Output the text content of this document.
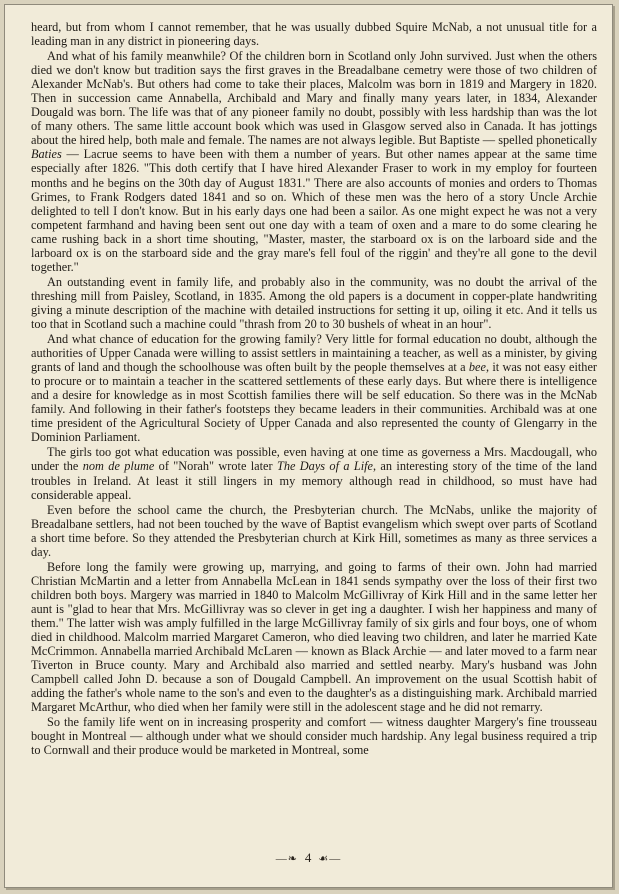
heard, but from whom I cannot remember, that he was usually dubbed Squire McNab, a not unusual title for a leading man in any district in pioneering days.

And what of his family meanwhile? Of the children born in Scotland only John survived. Just when the others died we don't know but tradition says the first graves in the Breadalbane cemetry were those of two children of Alexander McNab's. But others had come to take their places, Malcolm was born in 1819 and Margery in 1820. Then in succession came Annabella, Archibald and Mary and finally many years later, in 1834, Alexander Dougald was born. The life was that of any pioneer family no doubt, possibly with less hardship than was the lot of many others. The same little account book which was used in Glasgow served also in Canada. It has jottings about the hired help, both male and female. The names are not always legible. But Baptiste — spelled phonetically Baties — Lacrue seems to have been with them a number of years. But other names appear at the same time especially after 1826. "This doth certify that I have hired Alexander Fraser to work in my employ for fourteen months and he begins on the 30th day of August 1831." There are also accounts of monies and orders to Thomas Grimes, to Frank Rodgers dated 1841 and so on. Which of these men was the hero of a story Uncle Archie delighted to tell I don't know. But in his early days one had been a sailor. As one might expect he was not a very competent farmhand and having been sent out one day with a team of oxen and a mare to do some clearing he came rushing back in a short time shouting, "Master, master, the starboard ox is on the larboard side and the larboard ox is on the starboard side and the gray mare's fell foul of the riggin' and they're all gone to the devil together."

An outstanding event in family life, and probably also in the community, was no doubt the arrival of the threshing mill from Paisley, Scotland, in 1835. Among the old papers is a document in copper-plate handwriting giving a minute description of the machine with detailed instructions for setting it up, oiling it etc. And it tells us too that in Scotland such a machine could "thrash from 20 to 30 bushels of wheat in an hour".

And what chance of education for the growing family? Very little for formal education no doubt, although the authorities of Upper Canada were willing to assist settlers in maintaining a teacher, as well as a minister, by giving grants of land and though the schoolhouse was often built by the people themselves at a bee, it was not easy either to procure or to maintain a teacher in the scattered settlements of these early days. But where there is intelligence and a desire for knowledge as in most Scottish families there will be self education. So there was in the McNab family. And following in their father's footsteps they became leaders in their communities. Archibald was at one time president of the Agricultural Society of Upper Canada and also represented the county of Glengarry in the Dominion Parliament.

The girls too got what education was possible, even having at one time as governess a Mrs. Macdougall, who under the nom de plume of "Norah" wrote later The Days of a Life, an interesting story of the time of the land troubles in Ireland. At least it still lingers in my memory although read in childhood, so must have had considerable appeal.

Even before the school came the church, the Presbyterian church. The McNabs, unlike the majority of Breadalbane settlers, had not been touched by the wave of Baptist evangelism which swept over parts of Scotland a short time before. So they attended the Presbyterian church at Kirk Hill, sometimes as many as three services a day.

Before long the family were growing up, marrying, and going to farms of their own. John had married Christian McMartin and a letter from Annabella McLean in 1841 sends sympathy over the loss of their first two children both boys. Margery was married in 1840 to Malcolm McGillivray of Kirk Hill and in the same letter her aunt is "glad to hear that Mrs. McGillivray was so clever in get ing a daughter. I wish her happiness and many of them." The latter wish was amply fulfilled in the large McGillivray family of six girls and four boys, one of whom died in childhood. Malcolm married Margaret Cameron, who died leaving two children, and later he married Kate McCrimmon. Annabella married Archibald McLaren — known as Black Archie — and later moved to a farm near Tiverton in Bruce county. Mary and Archibald also married and settled nearby. Mary's husband was John Campbell called John D. because a son of Dougald Campbell. An improvement on the usual Scottish habit of adding the father's whole name to the son's and even to the daughter's as a distinguishing mark. Archibald married Margaret McArthur, who died when her family were still in the adolescent stage and he did not remarry.

So the family life went on in increasing prosperity and comfort — witness daughter Margery's fine trousseau bought in Montreal — although under what we should consider much hardship. Any legal business required a trip to Cornwall and their produce would be marketed in Montreal, some

—❧ 4 ☙—
